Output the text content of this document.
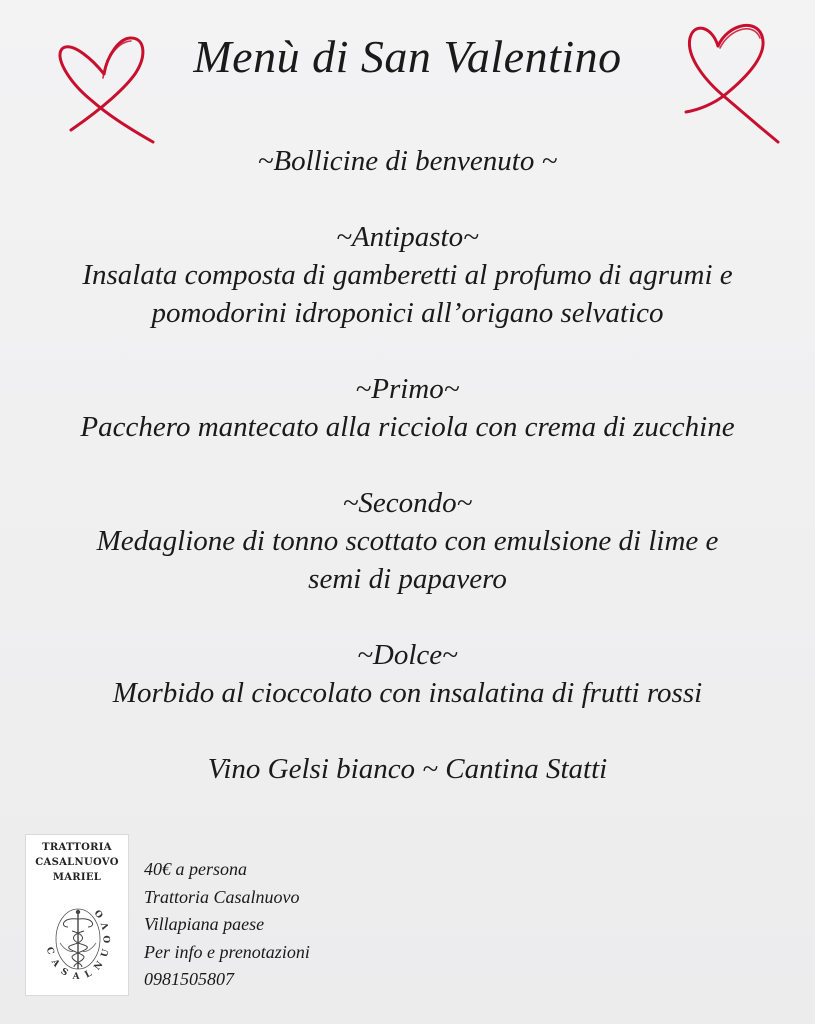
Menù di San Valentino
~Bollicine di benvenuto ~
~Antipasto~
Insalata composta di gamberetti al profumo di agrumi e
pomodorini idroponici all’origano selvatico
~Primo~
Pacchero mantecato alla ricciola con crema di zucchine
~Secondo~
Medaglione di tonno scottato con emulsione di lime e
semi di papavero
~Dolce~
Morbido al cioccolato con insalatina di frutti rossi
Vino Gelsi bianco ~ Cantina Statti
TRATTORIA
CASALNUOVO
MARIEL
C A S A L N U O V O
40€ a persona
Trattoria Casalnuovo
Villapiana paese
Per info e prenotazioni
0981505807
